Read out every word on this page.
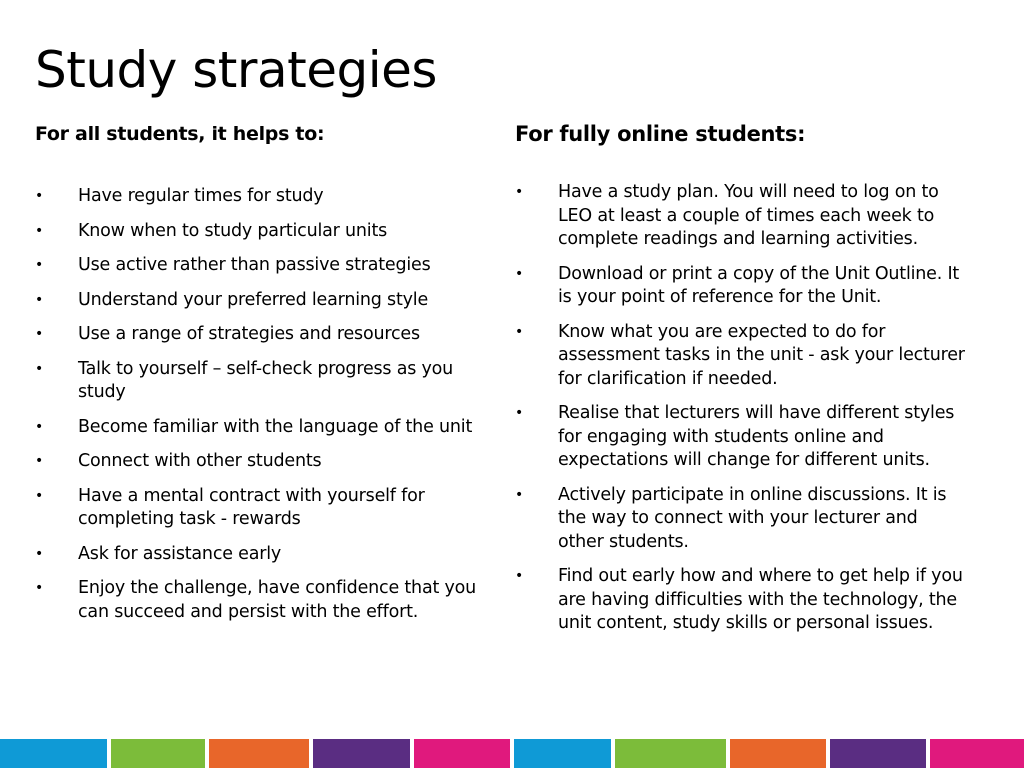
Study strategies
For all students, it helps to:
•	Have regular times for study
•	Know when to study particular units
•	Use active rather than passive strategies
•	Understand your preferred learning style
•	Use a range of strategies and resources
•	Talk to yourself – self-check progress as you study
•	Become familiar with the language of the unit
•	Connect with other students
•	Have a mental contract with yourself for completing task - rewards
•	Ask for assistance early
•	Enjoy the challenge, have confidence that you can succeed and persist with the effort.
For fully online students:
•	Have a study plan. You will need to log on to LEO at least a couple of times each week to complete readings and learning activities.
•	Download or print a copy of the Unit Outline. It is your point of reference for the Unit.
•	Know what you are expected to do for assessment tasks in the unit - ask your lecturer for clarification if needed.
•	Realise that lecturers will have different styles for engaging with students online and expectations will change for different units.
•	Actively participate in online discussions. It is the way to connect with your lecturer and other students.
•	Find out early how and where to get help if you are having difficulties with the technology, the unit content, study skills or personal issues.
